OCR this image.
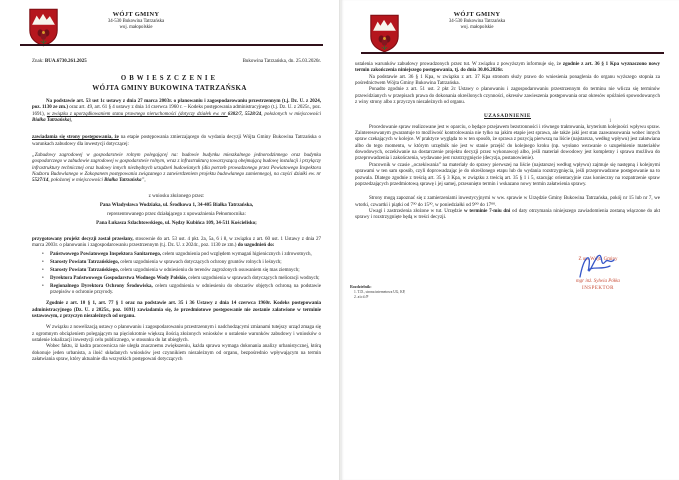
WÓJT GMINY
34-530 Bukowina Tatrzańska
woj. małopolskie
Znak: BUA.6730.261.2025	Bukowina Tatrzańska, dn. 25.03.2026r.
OBWIESZCZENIE
WÓJTA GMINY BUKOWINA TATRZAŃSKA

Na podstawie art. 53 ust 1c ustawy z dnia 27 marca 2003r. o planowaniu i zagospodarowaniu przestrzennym (t.j. Dz. U. z 2024, poz. 1130 ze zm.) oraz art. 49, art. 61 § 4 ustawy z dnia 14 czerwca 1960 r. – Kodeks postępowania administracyjnego (t.j. Dz. U. z 2025r., poz. 1691), w związku z uporządkowaniem stanu prawnego nieruchomości (dotyczy działek ew. nr 6382/7, 5528/24, położonych w miejscowości Białka Tatrzańska),

zawiadamia się strony postępowania, że na etapie postępowania zmierzającego do wydania decyzji Wójta Gminy Bukowina Tatrzańska o warunkach zabudowy dla inwestycji dotyczącej:

„Zabudowy zagrodowej w gospodarstwie rolnym polegającej na: budowie budynku mieszkalnego jednorodzinnego oraz budynku gospodarczego w zabudowie zagrodowej w gospodarstwie rolnym, wraz z infrastrukturą towarzyszącą obejmującą budowę instalacji i przyłączy infrastruktury technicznej oraz budowy innych niezbędnych urządzeń budowlanych (dla potrzeb prowadzonego przez Powiatowego Inspektora Nadzoru Budowlanego w Zakopanem postępowania związanego z zatwierdzeniem projektu budowlanego zamiennego), na części działki ew. nr 5527/14, położonej w miejscowości Białka Tatrzańska”,

z wniosku złożonego przez:
Pana Władysława Wodziaka, ul. Środkowa 1, 34-405 Białka Tatrzańska,
reprezentowanego przez działającego z upoważnienia Pełnomocnika:
Pana Łukasza Szlachtowskiego, ul. Nędzy Kubińca 109, 34-511 Kościelisko;

przygotowany projekt decyzji został przesłany, stosownie do art. 53 ust. 4 pkt. 2a, 5a, 6 i 8, w związku z art. 60 ust. 1 Ustawy z dnia 27 marca 2003r. o planowaniu i zagospodarowaniu przestrzennym (t.j. Dz. U. z 2024r., poz. 1130 ze zm.) do uzgodnień do:

• Państwowego Powiatowego Inspektora Sanitarnego, celem uzgodnienia pod względem wymagań higienicznych i zdrowotnych,
• Starosty Powiatu Tatrzańskiego, celem uzgodnienia w sprawach dotyczących ochrony gruntów rolnych i leśnych;
• Starosty Powiatu Tatrzańskiego, celem uzgodnienia w odniesieniu do terenów zagrożonych osuwaniem się mas ziemnych;
• Dyrektora Państwowego Gospodarstwa Wodnego Wody Polskie, celem uzgodnienia w sprawach dotyczących melioracji wodnych;
• Regionalnego Dyrektora Ochrony Środowiska, celem uzgodnienia w odniesieniu do obszarów objętych ochroną na podstawie przepisów o ochronie przyrody.

Zgodnie z art. 10 § 1, art. 77 § 1 oraz na podstawie art. 35 i 36 Ustawy z dnia 14 czerwca 1960r. Kodeks postępowania administracyjnego (Dz. U. z 2025r., poz. 1691) zawiadamia się, że przedmiotowe postępowanie nie zostanie załatwione w terminie ustawowym, z przyczyn niezależnych od organu.

W związku z nowelizacją ustawy o planowaniu i zagospodarowaniu przestrzennym i nadchodzącymi zmianami tutejszy urząd zmaga się z ogromnym obciążeniem polegającym na pięciokrotnie większą ilością złożonych wniosków o ustalenie warunków zabudowy i wniosków o ustalenie lokalizacji inwestycji celu publicznego, w stosunku do lat ubiegłych.

Wobec faktu, iż kadra pracownicza nie uległa znacznemu zwiększeniu, każda sprawa wymaga dokonania analizy urbanistycznej, którą dokonuje jeden urbanista, a ilość składanych wniosków jest czynnikiem niezależnym od organu, bezpośrednio wpływającym na termin załatwiania spraw, który aktualnie dla wszystkich postępowań dotyczących

WÓJT GMINY
34-530 Bukowina Tatrzańska
woj. małopolskie

ustalenia warunków zabudowy prowadzonych przez tut. W związku z powyższym informuje się, że zgodnie z art. 36 § 1 Kpa wyznaczono nowy termin zakończenia niniejszego postępowania, tj. do dnia 30.06.2026r.

Na podstawie art. 36 § 1 Kpa, w związku z art. 37 Kpa stronom służy prawo do wniesienia ponaglenia do organu wyższego stopnia za pośrednictwem Wójta Gminy Bukowina Tatrzańska.

Ponadto zgodnie z art. 51 ust. 2 pkt 2c Ustawy o planowaniu i zagospodarowaniu przestrzennym do terminu nie wlicza się terminów przewidzianych w przepisach prawa do dokonania określonych czynności, okresów zawieszenia postępowania oraz okresów opóźnień spowodowanych z winy strony albo z przyczyn niezależnych od organu.

UZASADNIENIE

Procedowanie spraw realizowane jest w oparciu, o będące przejawem bezstronności i równego traktowania, kryterium kolejności wpływu spraw. Zainteresowanym gwarantuje to możliwość kontrolowania nie tylko na jakim etapie jest sprawa, ale także jaki jest stan zaawansowania wobec innych spraw czekających w kolejce. W praktyce wygląda to w ten sposób, że sprawa z pozycją pierwszą na liście (najstarsza, według wpływu) jest załatwiana albo do tego momentu, w którym urzędnik nie jest w stanie przejść do kolejnego kroku (np. wysłano wezwanie o uzupełnienie materiałów dowodowych, oczekiwanie na dostarczenie projektu decyzji przez wykonawcę) albo, jeśli materiał dowodowy jest kompletny i sprawa możliwa do przeprowadzenia i zakończenia, wydawane jest rozstrzygnięcie (decyzja, postanowienie).

Pracownik w czasie „oczekiwania” na materiały do sprawy pierwszej na liście (najstarszej według wpływu) zajmuje się następną i kolejnymi sprawami w ten sam sposób, czyli doprowadzając je do określonego etapu lub do wydania rozstrzygnięcia, jeśli przeprowadzone postępowanie na to pozwala. Dlatego zgodnie z treścią art. 35 § 3 Kpa, w związku z treścią art. 35 § 1 i 5, szacując orientacyjnie czas konieczny na rozpatrzenie spraw poprzedzających przedmiotową sprawę i jej samej, przesunięto termin i wskazano nowy termin załatwienia sprawy.

Strony mogą zapoznać się z zamierzeniami inwestycyjnymi w ww. sprawie w Urzędzie Gminy Bukowina Tatrzańska, pokój nr 15 lub nr 7, we wtorki, czwartki i piątki od 7³⁰ do 15³⁰, w poniedziałki od 9⁰⁰ do 17⁰⁰.

Uwagi i zastrzeżenia złożone w tut. Urzędzie w terminie 7-miu dni od daty otrzymania niniejszego zawiadomienia zostaną włączone do akt sprawy i rozstrzygnięte będą w treści decyzji.

Z up. Wójta Gminy
mgr inż. Sylwia Półka
INSPEKTOR
Rozdzielnik:
1. T.D., strona internetowa UG, KP,
2. a/a d./P
1
